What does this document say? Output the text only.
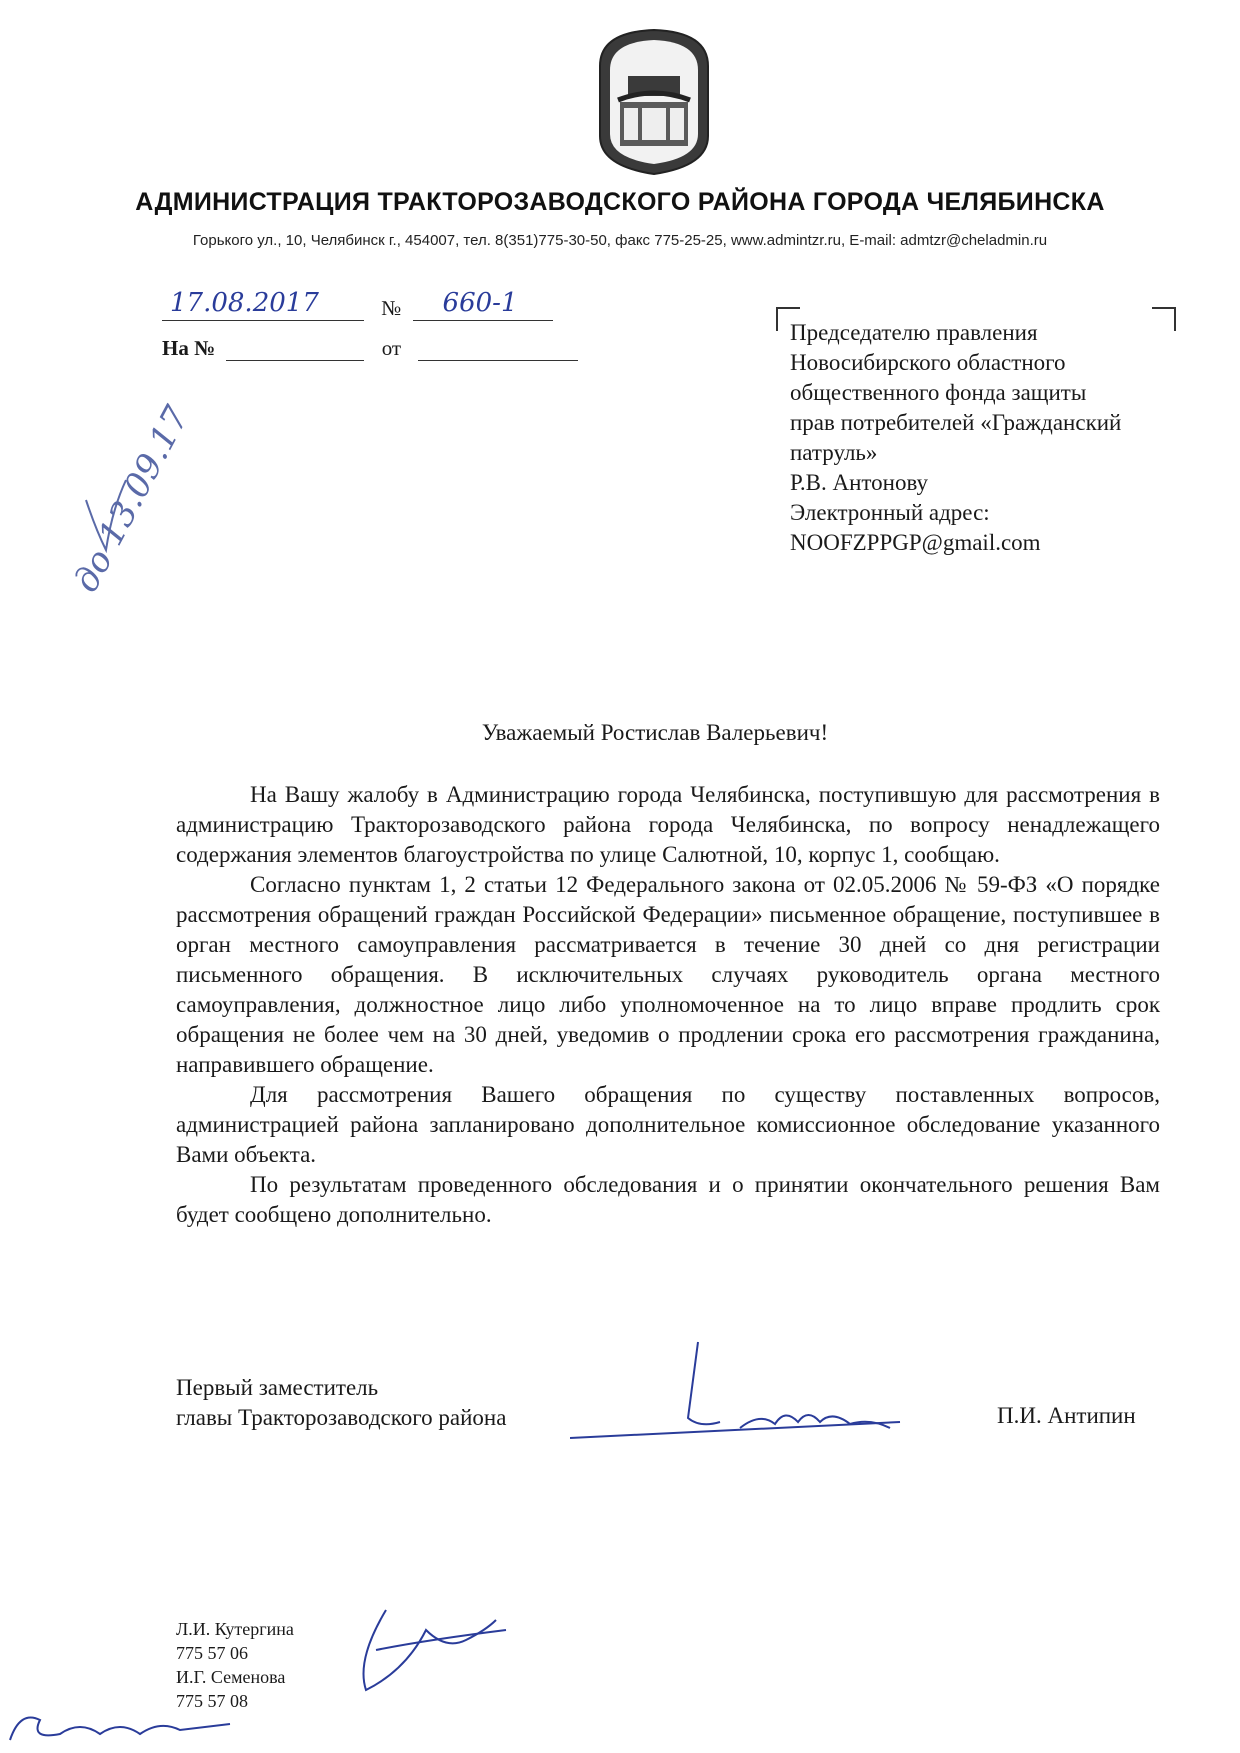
АДМИНИСТРАЦИЯ ТРАКТОРОЗАВОДСКОГО РАЙОНА ГОРОДА ЧЕЛЯБИНСКА
Горького ул., 10, Челябинск г., 454007, тел. 8(351)775-30-50, факс 775-25-25, www.admintzr.ru, E-mail: admtzr@cheladmin.ru
17.08.2017	№ 660-1
На №	от
Председателю правления
Новосибирского областного
общественного фонда защиты
прав потребителей «Гражданский
патруль»
Р.В. Антонову
Электронный адрес:
NOOFZPPGP@gmail.com
до 13.09.17
Уважаемый Ростислав Валерьевич!

На Вашу жалобу в Администрацию города Челябинска, поступившую для рассмотрения в администрацию Тракторозаводского района города Челябинска, по вопросу ненадлежащего содержания элементов благоустройства по улице Салютной, 10, корпус 1, сообщаю.

Согласно пунктам 1, 2 статьи 12 Федерального закона от 02.05.2006 № 59-ФЗ «О порядке рассмотрения обращений граждан Российской Федерации» письменное обращение, поступившее в орган местного самоуправления рассматривается в течение 30 дней со дня регистрации письменного обращения. В исключительных случаях руководитель органа местного самоуправления, должностное лицо либо уполномоченное на то лицо вправе продлить срок обращения не более чем на 30 дней, уведомив о продлении срока его рассмотрения гражданина, направившего обращение.

Для рассмотрения Вашего обращения по существу поставленных вопросов, администрацией района запланировано дополнительное комиссионное обследование указанного Вами объекта.

По результатам проведенного обследования и о принятии окончательного решения Вам будет сообщено дополнительно.

Первый заместитель
главы Тракторозаводского района	П.И. Антипин
Л.И. Кутергина
775 57 06
И.Г. Семенова
775 57 08
